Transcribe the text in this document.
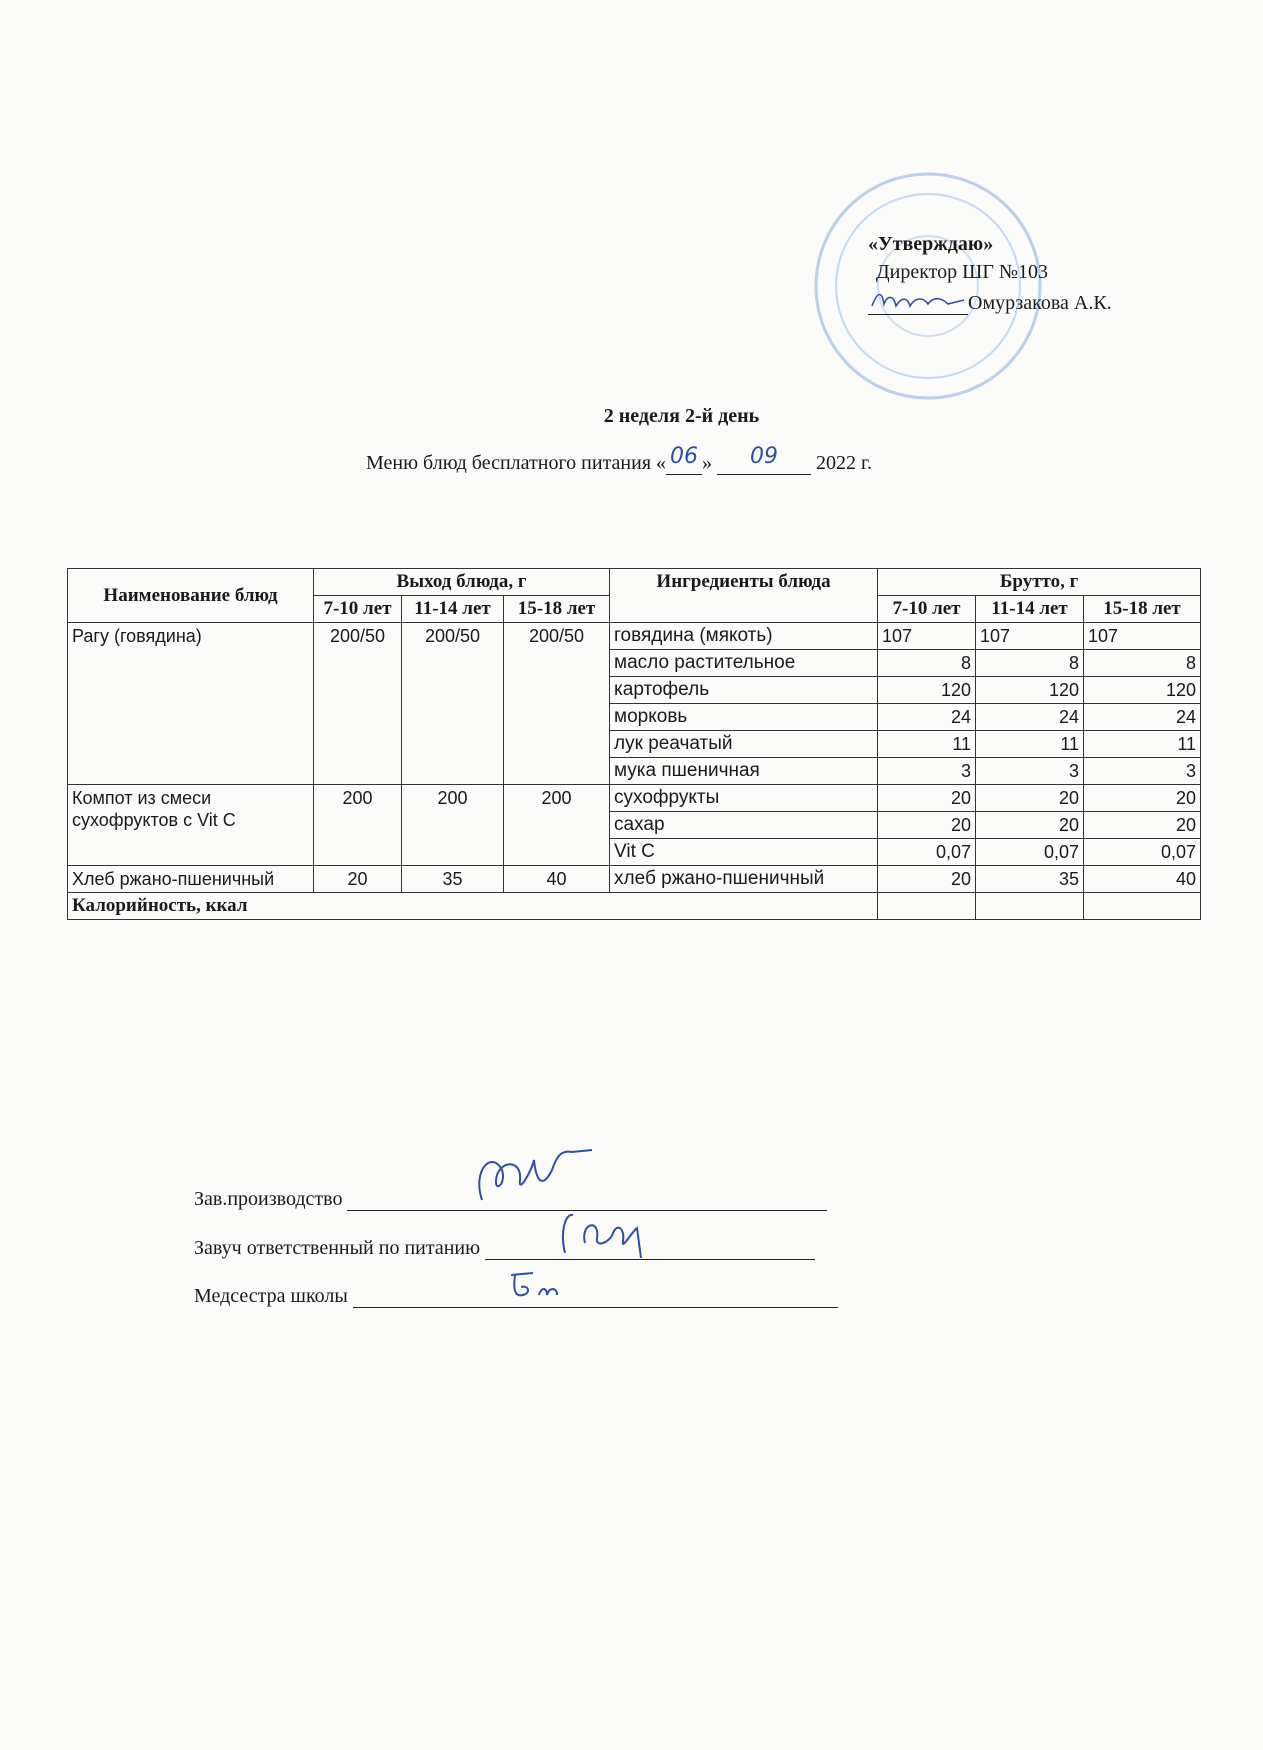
«Утверждаю»
Директор ШГ №103
Омурзакова А.К.
2 неделя 2-й день
Меню блюд бесплатного питания « 06 »	09	2022 г.
Наименование блюд	Выход блюда, г			Ингредиенты блюда	Брутто, г		
	7-10 лет	11-14 лет	15-18 лет		7-10 лет	11-14 лет	15-18 лет
Рагу (говядина)	200/50	200/50	200/50	говядина (мякоть)	107	107	107
				масло растительное	8	8	8
				картофель	120	120	120
				морковь	24	24	24
				лук реачатый	11	11	11
				мука пшеничная	3	3	3
Компот из смеси сухофруктов с Vit C	200	200	200	сухофрукты	20	20	20
				сахар	20	20	20
				Vit C	0,07	0,07	0,07
Хлеб ржано-пшеничный	20	35	40	хлеб ржано-пшеничный	20	35	40
Калорийность, ккал							
Зав.производство
Завуч ответственный по питанию
Медсестра школы
